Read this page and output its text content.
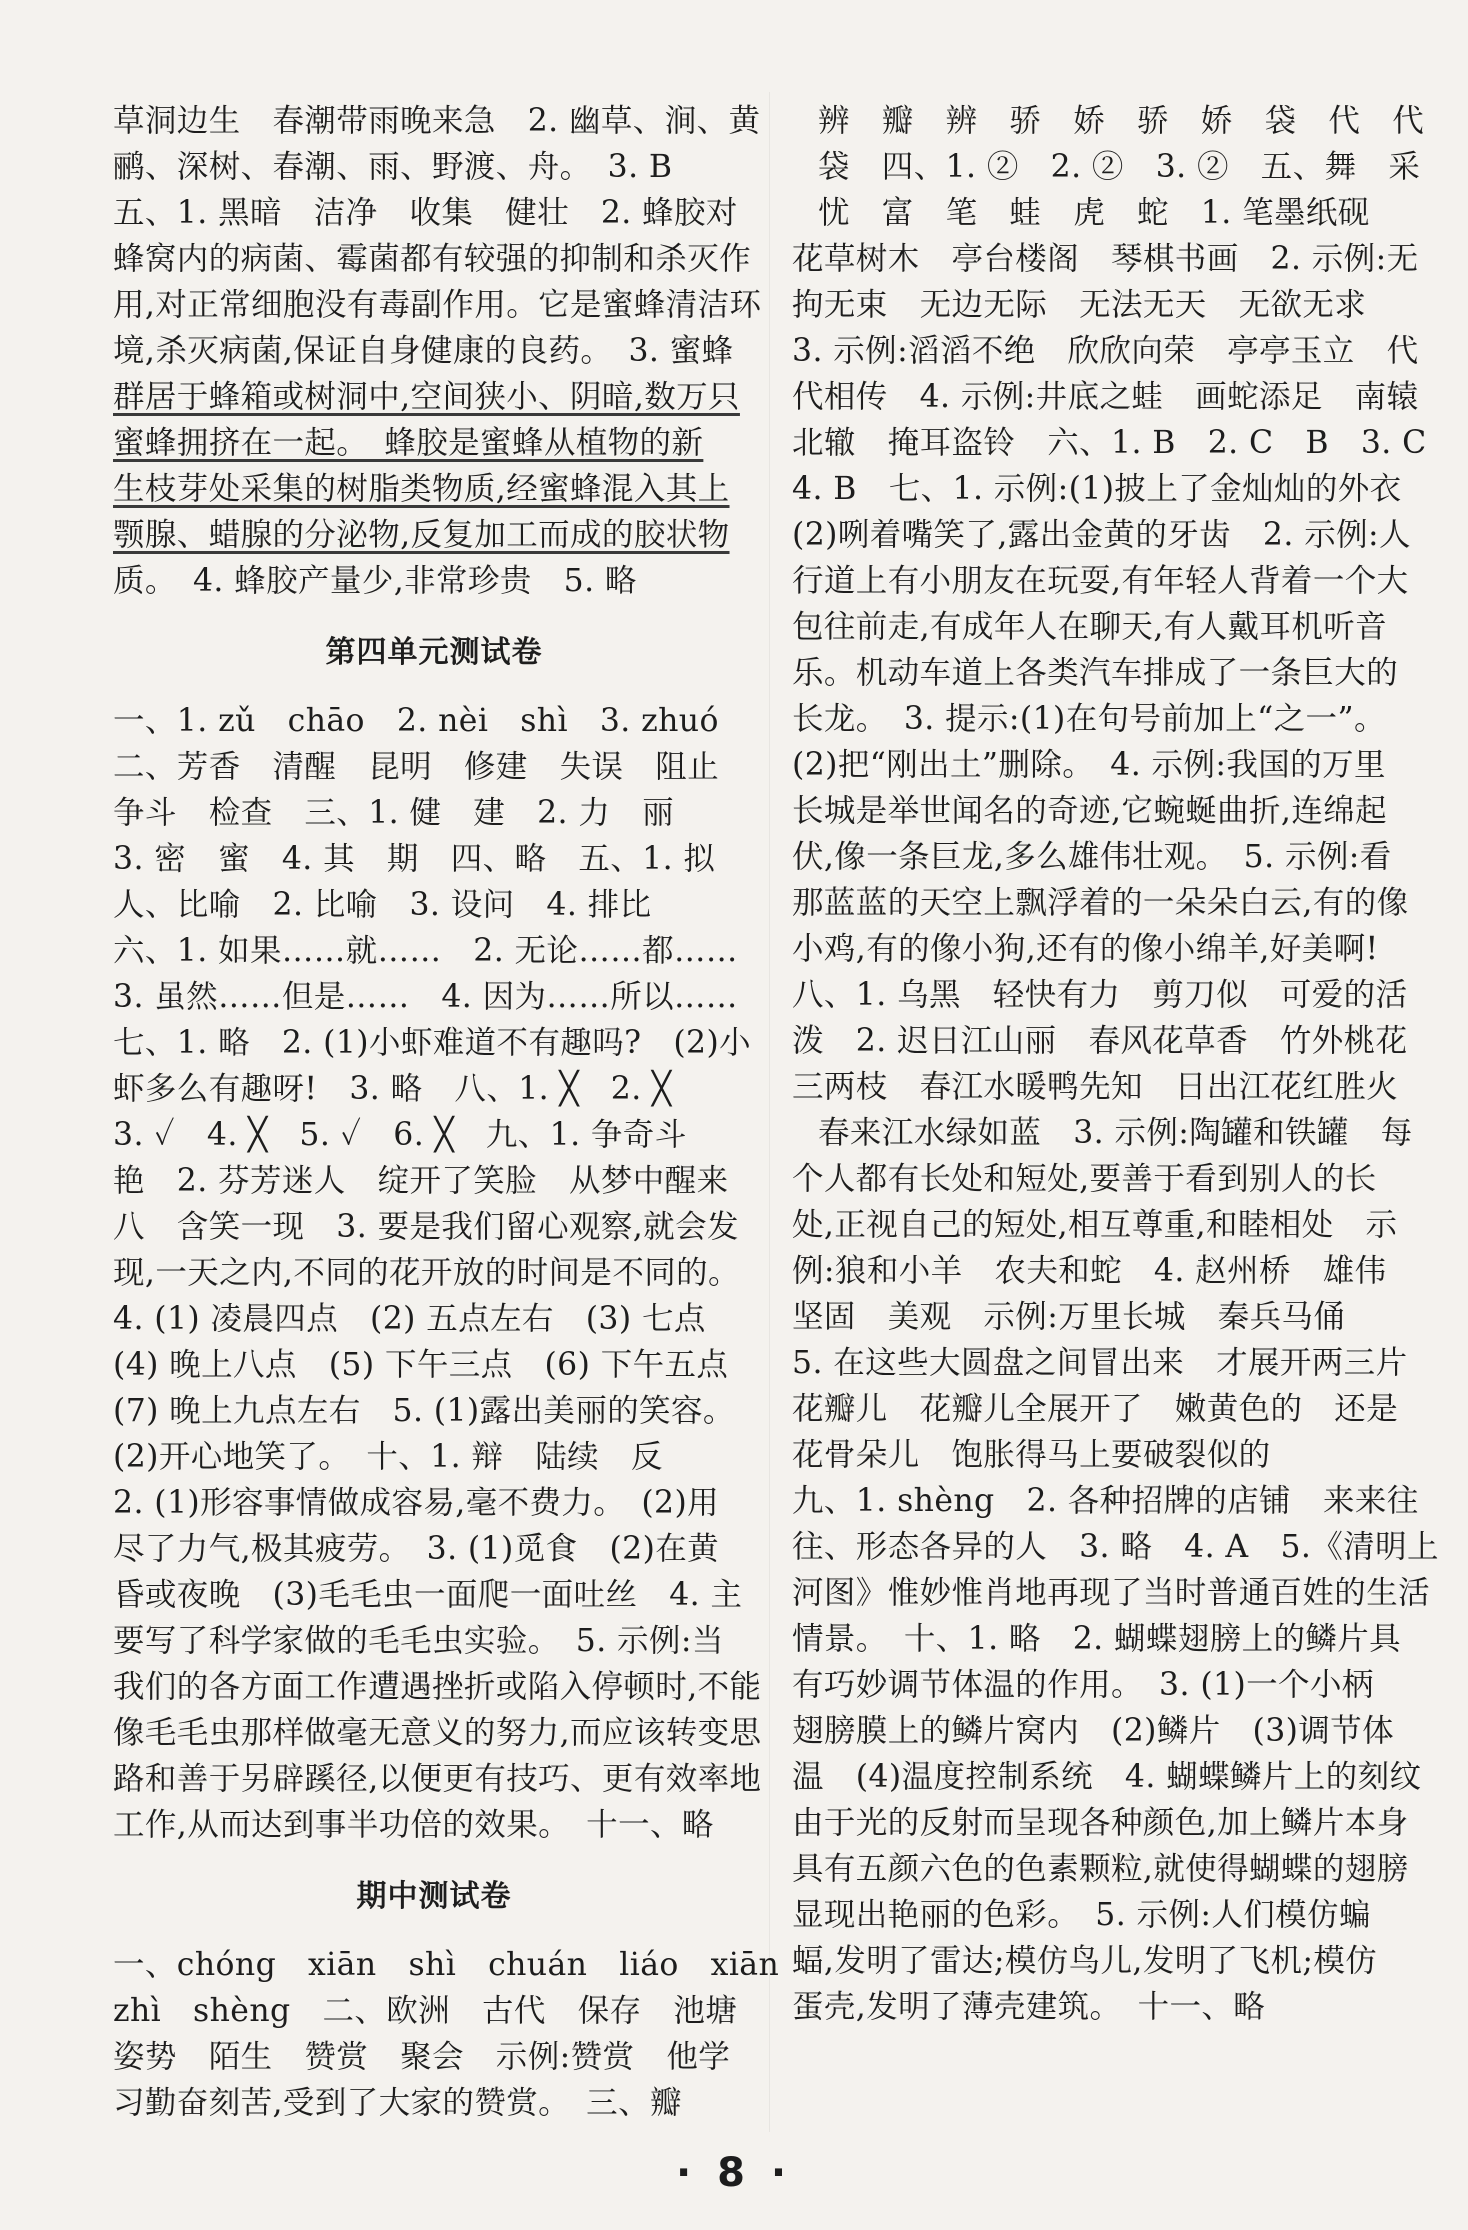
草洞边生　春潮带雨晚来急　2. 幽草、涧、黄
鹂、深树、春潮、雨、野渡、舟。　3. B
五、1. 黑暗　洁净　收集　健壮　2. 蜂胶对
蜂窝内的病菌、霉菌都有较强的抑制和杀灭作
用,对正常细胞没有毒副作用。它是蜜蜂清洁环
境,杀灭病菌,保证自身健康的良药。　3. 蜜蜂
群居于蜂箱或树洞中,空间狭小、阴暗,数万只
蜜蜂拥挤在一起。　蜂胶是蜜蜂从植物的新
生枝芽处采集的树脂类物质,经蜜蜂混入其上
颚腺、蜡腺的分泌物,反复加工而成的胶状物
质。　4. 蜂胶产量少,非常珍贵　5. 略
第四单元测试卷
一、1. zǔ　chāo　2. nèi　shì　3. zhuó
二、芳香　清醒　昆明　修建　失误　阻止
争斗　检查　三、1. 健　建　2. 力　丽
3. 密　蜜　4. 其　期　四、略　五、1. 拟
人、比喻　2. 比喻　3. 设问　4. 排比
六、1. 如果……就……　2. 无论……都……
3. 虽然……但是……　4. 因为……所以……
七、1. 略　2. (1)小虾难道不有趣吗?　(2)小
虾多么有趣呀!　3. 略　八、1. ╳　2. ╳
3. ✓　4. ╳　5. ✓　6. ╳　九、1. 争奇斗
艳　2. 芬芳迷人　绽开了笑脸　从梦中醒来
八　含笑一现　3. 要是我们留心观察,就会发
现,一天之内,不同的花开放的时间是不同的。
4. (1) 凌晨四点　(2) 五点左右　(3) 七点
(4) 晚上八点　(5) 下午三点　(6) 下午五点
(7) 晚上九点左右　5. (1)露出美丽的笑容。
(2)开心地笑了。　十、1. 辩　陆续　反
2. (1)形容事情做成容易,毫不费力。　(2)用
尽了力气,极其疲劳。　3. (1)觅食　(2)在黄
昏或夜晚　(3)毛毛虫一面爬一面吐丝　4. 主
要写了科学家做的毛毛虫实验。　5. 示例:当
我们的各方面工作遭遇挫折或陷入停顿时,不能
像毛毛虫那样做毫无意义的努力,而应该转变思
路和善于另辟蹊径,以便更有技巧、更有效率地
工作,从而达到事半功倍的效果。　十一、略
期中测试卷
一、chóng　xiān　shì　chuán　liáo　xiān
zhì　shèng　二、欧洲　古代　保存　池塘
姿势　陌生　赞赏　聚会　示例:赞赏　他学
习勤奋刻苦,受到了大家的赞赏。　三、瓣
辨　瓣　辨　骄　娇　骄　娇　袋　代　代
袋　四、1. ②　2. ②　3. ②　五、舞　采
忧　富　笔　蛙　虎　蛇　1. 笔墨纸砚
花草树木　亭台楼阁　琴棋书画　2. 示例:无
拘无束　无边无际　无法无天　无欲无求
3. 示例:滔滔不绝　欣欣向荣　亭亭玉立　代
代相传　4. 示例:井底之蛙　画蛇添足　南辕
北辙　掩耳盗铃　六、1. B　2. C　B　3. C
4. B　七、1. 示例:(1)披上了金灿灿的外衣
(2)咧着嘴笑了,露出金黄的牙齿　2. 示例:人
行道上有小朋友在玩耍,有年轻人背着一个大
包往前走,有成年人在聊天,有人戴耳机听音
乐。机动车道上各类汽车排成了一条巨大的
长龙。　3. 提示:(1)在句号前加上“之一”。
(2)把“刚出土”删除。　4. 示例:我国的万里
长城是举世闻名的奇迹,它蜿蜒曲折,连绵起
伏,像一条巨龙,多么雄伟壮观。　5. 示例:看
那蓝蓝的天空上飘浮着的一朵朵白云,有的像
小鸡,有的像小狗,还有的像小绵羊,好美啊!
八、1. 乌黑　轻快有力　剪刀似　可爱的活
泼　2. 迟日江山丽　春风花草香　竹外桃花
三两枝　春江水暖鸭先知　日出江花红胜火
春来江水绿如蓝　3. 示例:陶罐和铁罐　每
个人都有长处和短处,要善于看到别人的长
处,正视自己的短处,相互尊重,和睦相处　示
例:狼和小羊　农夫和蛇　4. 赵州桥　雄伟
坚固　美观　示例:万里长城　秦兵马俑
5. 在这些大圆盘之间冒出来　才展开两三片
花瓣儿　花瓣儿全展开了　嫩黄色的　还是
花骨朵儿　饱胀得马上要破裂似的
九、1. shèng　2. 各种招牌的店铺　来来往
往、形态各异的人　3. 略　4. A　5.《清明上
河图》惟妙惟肖地再现了当时普通百姓的生活
情景。　十、1. 略　2. 蝴蝶翅膀上的鳞片具
有巧妙调节体温的作用。　3. (1)一个小柄
翅膀膜上的鳞片窝内　(2)鳞片　(3)调节体
温　(4)温度控制系统　4. 蝴蝶鳞片上的刻纹
由于光的反射而呈现各种颜色,加上鳞片本身
具有五颜六色的色素颗粒,就使得蝴蝶的翅膀
显现出艳丽的色彩。　5. 示例:人们模仿蝙
蝠,发明了雷达;模仿鸟儿,发明了飞机;模仿
蛋壳,发明了薄壳建筑。　十一、略
· 8 ·
